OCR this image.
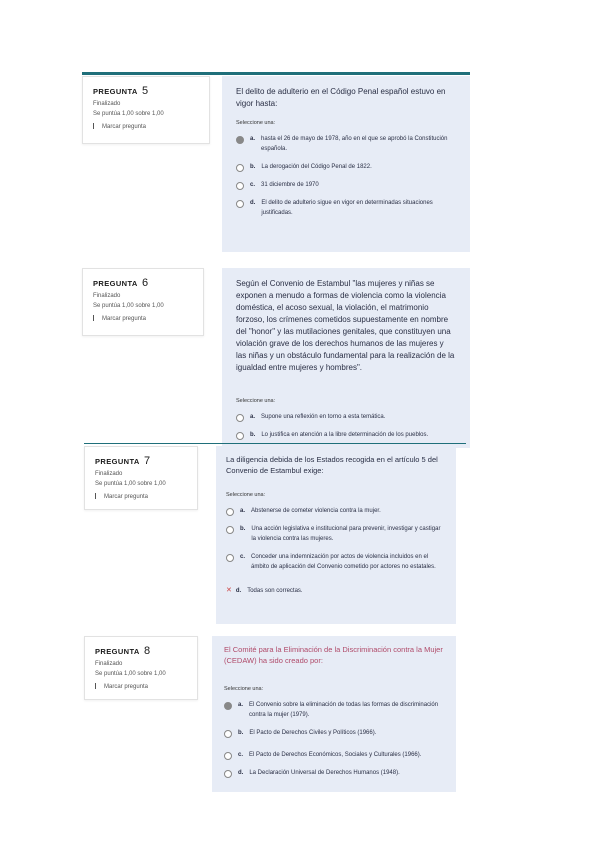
PREGUNTA 5
Finalizado
Se puntúa 1,00 sobre 1,00
Marcar pregunta
El delito de adulterio en el Código Penal español estuvo en vigor hasta:
Seleccione una:
a. hasta el 26 de mayo de 1978, año en el que se aprobó la Constitución española.
b. La derogación del Código Penal de 1822.
c. 31 diciembre de 1970
d. El delito de adulterio sigue en vigor en determinadas situaciones justificadas.
PREGUNTA 6
Finalizado
Se puntúa 1,00 sobre 1,00
Marcar pregunta
Según el Convenio de Estambul "las mujeres y niñas se exponen a menudo a formas de violencia como la violencia doméstica, el acoso sexual, la violación, el matrimonio forzoso, los crímenes cometidos supuestamente en nombre del "honor" y las mutilaciones genitales, que constituyen una violación grave de los derechos humanos de las mujeres y las niñas y un obstáculo fundamental para la realización de la igualdad entre mujeres y hombres".
Seleccione una:
a. Supone una reflexión en torno a esta temática.
b. Lo justifica en atención a la libre determinación de los pueblos.
PREGUNTA 7
Finalizado
Se puntúa 1,00 sobre 1,00
Marcar pregunta
La diligencia debida de los Estados recogida en el artículo 5 del Convenio de Estambul exige:
Seleccione una:
a. Abstenerse de cometer violencia contra la mujer.
b. Una acción legislativa e institucional para prevenir, investigar y castigar la violencia contra las mujeres.
c. Conceder una indemnización por actos de violencia incluidos en el ámbito de aplicación del Convenio cometido por actores no estatales.
✕ d. Todas son correctas.
PREGUNTA 8
Finalizado
Se puntúa 1,00 sobre 1,00
Marcar pregunta
El Comité para la Eliminación de la Discriminación contra la Mujer (CEDAW) ha sido creado por:
Seleccione una:
a. El Convenio sobre la eliminación de todas las formas de discriminación contra la mujer (1979).
b. El Pacto de Derechos Civiles y Políticos (1966).
c. El Pacto de Derechos Económicos, Sociales y Culturales (1966).
d. La Declaración Universal de Derechos Humanos (1948).
